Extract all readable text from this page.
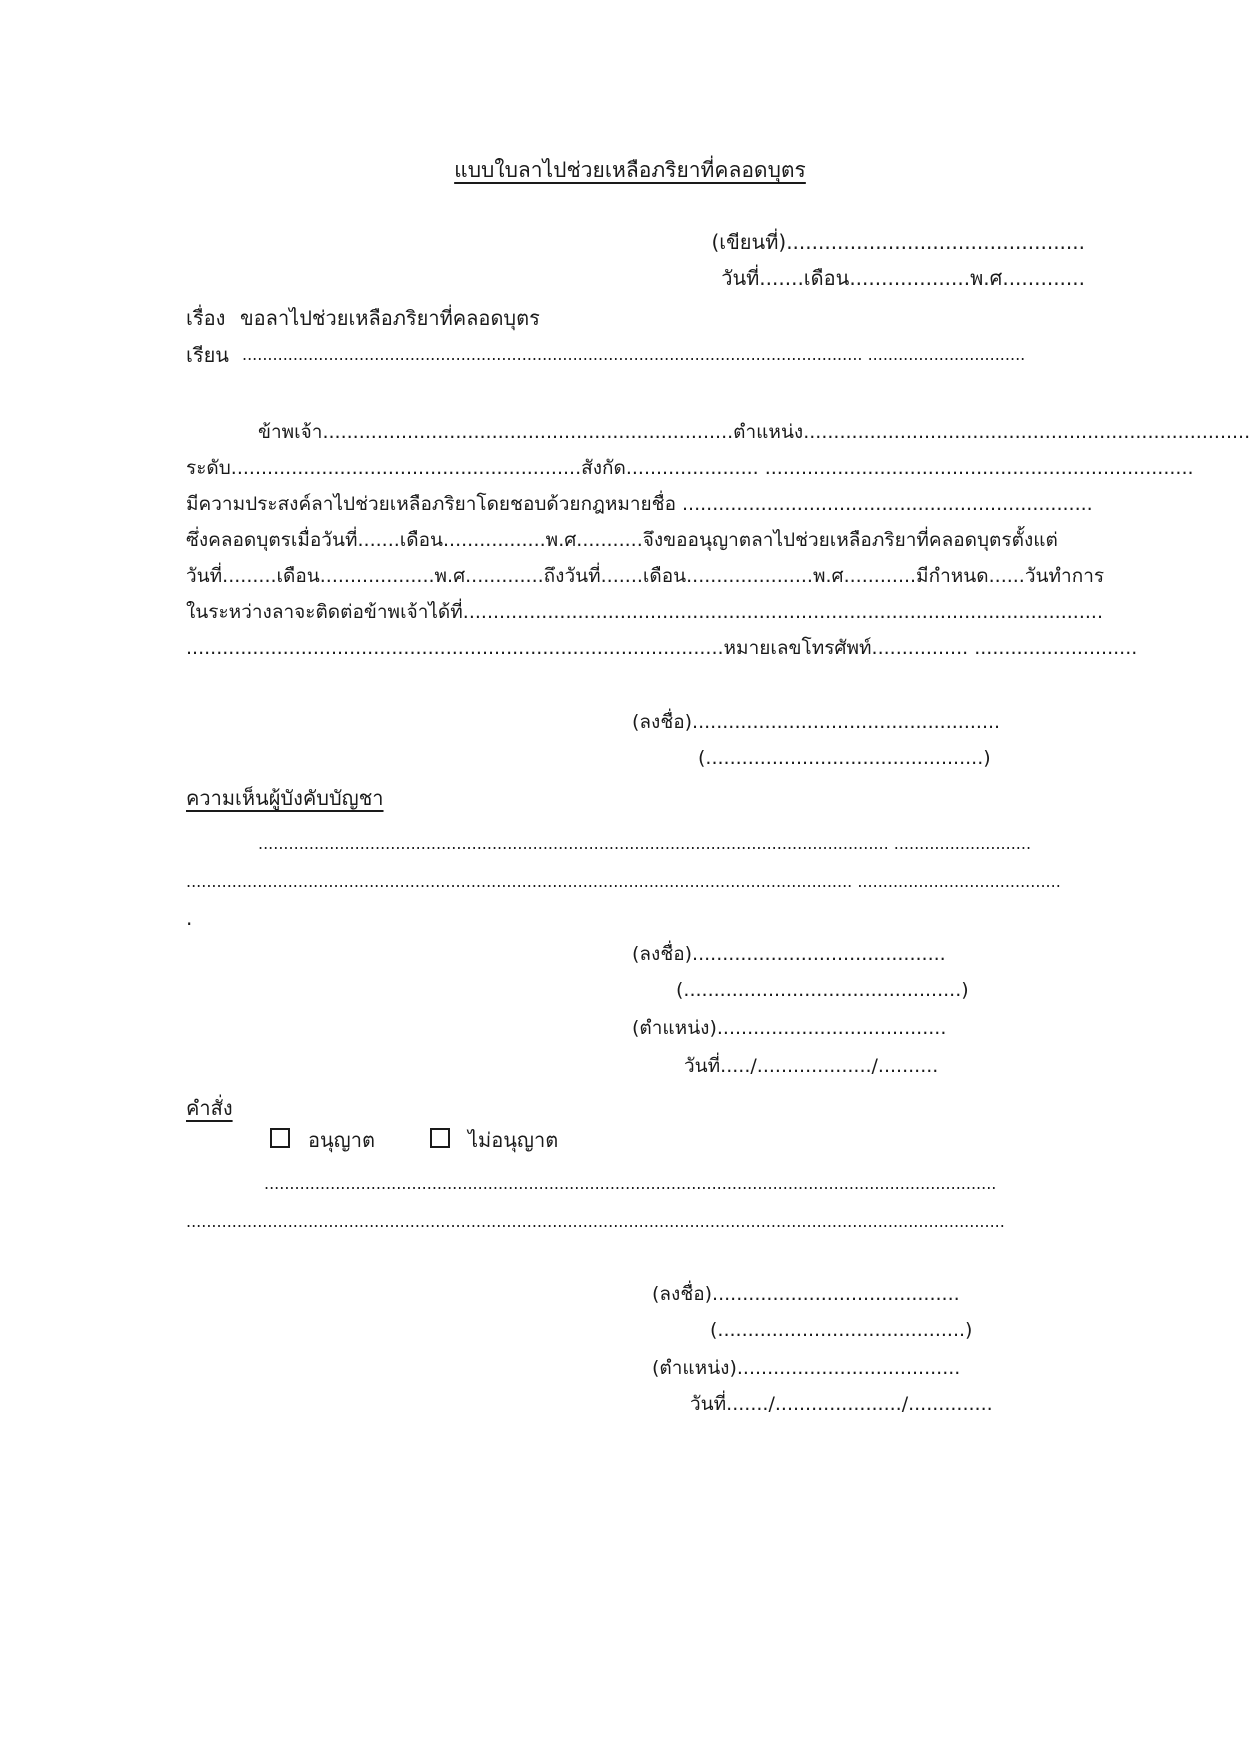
แบบใบลาไปช่วยเหลือภริยาที่คลอดบุตร
(เขียนที่)...............................................
วันที่.......เดือน...................พ.ศ.............
เรื่อง ขอลาไปช่วยเหลือภริยาที่คลอดบุตร
เรียน .......................................................................................................................... ...............................
ข้าพเจ้า....................................................................ตำแหน่ง..........................................................................
ระดับ..........................................................สังกัด...................... .......................................................................
มีความประสงค์ลาไปช่วยเหลือภริยาโดยชอบด้วยกฎหมายชื่อ ....................................................................
ซึ่งคลอดบุตรเมื่อวันที่.......เดือน.................พ.ศ...........จึงขออนุญาตลาไปช่วยเหลือภริยาที่คลอดบุตรตั้งแต่
วันที่.........เดือน...................พ.ศ.............ถึงวันที่.......เดือน.....................พ.ศ............มีกำหนด......วันทำการ
ในระหว่างลาจะติดต่อข้าพเจ้าได้ที่..........................................................................................................
.........................................................................................หมายเลขโทรศัพท์................ ...........................
(ลงชื่อ)...................................................
(..............................................)
ความเห็นผู้บังคับบัญชา
............................................................................................................................ ...........................
................................................................................................................................... ........................................
.
(ลงชื่อ)..........................................
(..............................................)
(ตำแหน่ง)......................................
วันที่...../.................../..........
คำสั่ง
อนุญาต	ไม่อนุญาต
................................................................................................................................................
.................................................................................................................................................................
(ลงชื่อ).........................................
(.........................................)
(ตำแหน่ง).....................................
วันที่......./...................../..............
